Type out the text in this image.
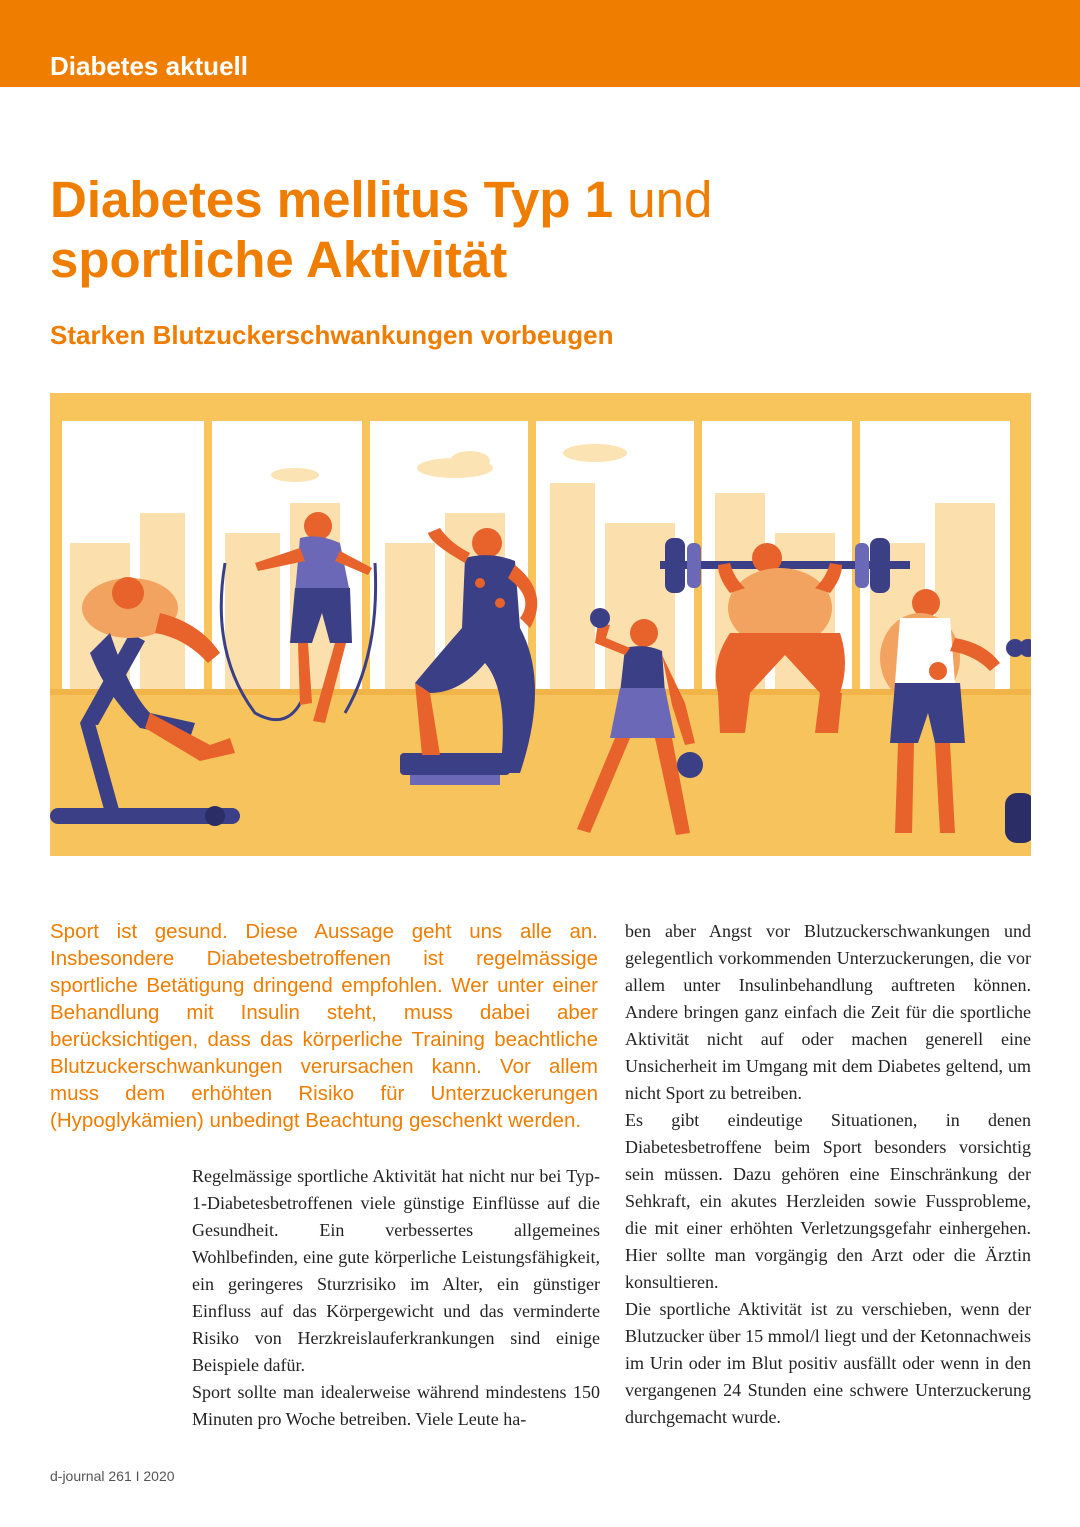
Diabetes aktuell
Diabetes mellitus Typ 1 und
sportliche Aktivität
Starken Blutzuckerschwankungen vorbeugen

Sport ist gesund. Diese Aussage geht uns alle an. Insbesondere Diabetesbetroffenen ist regelmässige sportliche Betätigung dringend empfohlen. Wer unter einer Behandlung mit Insulin steht, muss dabei aber berücksichtigen, dass das körperliche Training beachtliche Blutzuckerschwankungen verursachen kann. Vor allem muss dem erhöhten Risiko für Unterzuckerungen (Hypoglykämien) unbedingt Beachtung geschenkt werden.

Regelmässige sportliche Aktivität hat nicht nur bei Typ-1-Diabetesbetroffenen viele günstige Einflüsse auf die Gesundheit. Ein verbessertes allgemeines Wohlbefinden, eine gute körperliche Leistungsfähigkeit, ein geringeres Sturzrisiko im Alter, ein günstiger Einfluss auf das Körpergewicht und das verminderte Risiko von Herzkreislauferkrankungen sind einige Beispiele dafür.

Sport sollte man idealerweise während mindestens 150 Minuten pro Woche betreiben. Viele Leute ha-

ben aber Angst vor Blutzuckerschwankungen und gelegentlich vorkommenden Unterzuckerungen, die vor allem unter Insulinbehandlung auftreten können. Andere bringen ganz einfach die Zeit für die sportliche Aktivität nicht auf oder machen generell eine Unsicherheit im Umgang mit dem Diabetes geltend, um nicht Sport zu betreiben.

Es gibt eindeutige Situationen, in denen Diabetesbetroffene beim Sport besonders vorsichtig sein müssen. Dazu gehören eine Einschränkung der Sehkraft, ein akutes Herzleiden sowie Fussprobleme, die mit einer erhöhten Verletzungsgefahr einhergehen. Hier sollte man vorgängig den Arzt oder die Ärztin konsultieren.

Die sportliche Aktivität ist zu verschieben, wenn der Blutzucker über 15 mmol/l liegt und der Ketonnachweis im Urin oder im Blut positiv ausfällt oder wenn in den vergangenen 24 Stunden eine schwere Unterzuckerung durchgemacht wurde.

d-journal 261 I 2020
